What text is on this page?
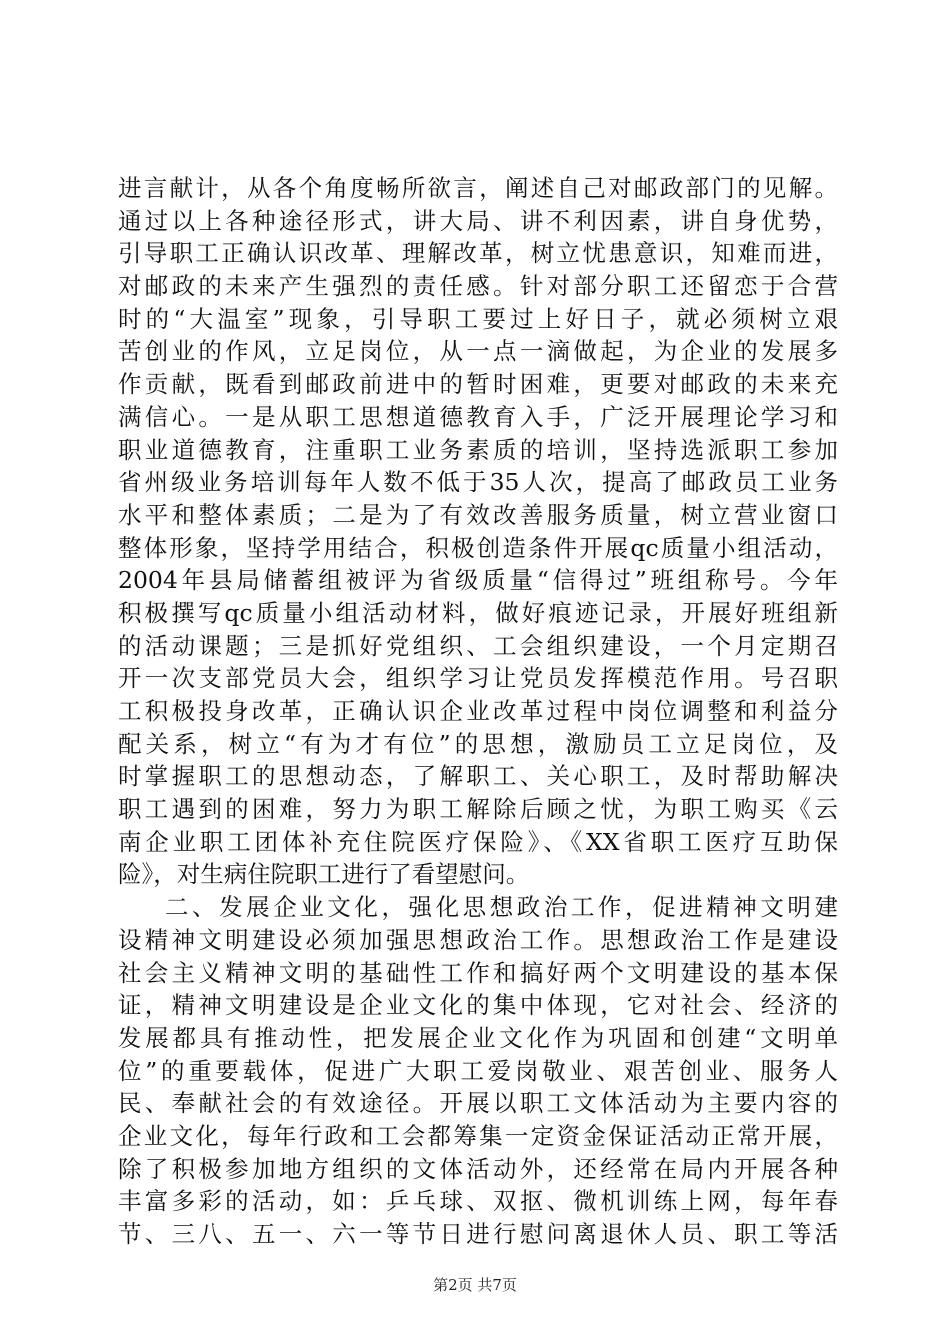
进言献计，从各个角度畅所欲言，阐述自己对邮政部门的见解。
通过以上各种途径形式，讲大局、讲不利因素，讲自身优势，
引导职工正确认识改革、理解改革，树立忧患意识，知难而进，
对邮政的未来产生强烈的责任感。针对部分职工还留恋于合营
时的“大温室”现象，引导职工要过上好日子，就必须树立艰
苦创业的作风，立足岗位，从一点一滴做起，为企业的发展多
作贡献，既看到邮政前进中的暂时困难，更要对邮政的未来充
满信心。一是从职工思想道德教育入手，广泛开展理论学习和
职业道德教育，注重职工业务素质的培训，坚持选派职工参加
省州级业务培训每年人数不低于35人次，提高了邮政员工业务
水平和整体素质；二是为了有效改善服务质量，树立营业窗口
整体形象，坚持学用结合，积极创造条件开展qc质量小组活动，
2004年县局储蓄组被评为省级质量“信得过”班组称号。今年
积极撰写qc质量小组活动材料，做好痕迹记录，开展好班组新
的活动课题；三是抓好党组织、工会组织建设，一个月定期召
开一次支部党员大会，组织学习让党员发挥模范作用。号召职
工积极投身改革，正确认识企业改革过程中岗位调整和利益分
配关系，树立“有为才有位”的思想，激励员工立足岗位，及
时掌握职工的思想动态，了解职工、关心职工，及时帮助解决
职工遇到的困难，努力为职工解除后顾之忧，为职工购买《云
南企业职工团体补充住院医疗保险》、《XX省职工医疗互助保
险》，对生病住院职工进行了看望慰问。
二、发展企业文化，强化思想政治工作，促进精神文明建
设精神文明建设必须加强思想政治工作。思想政治工作是建设
社会主义精神文明的基础性工作和搞好两个文明建设的基本保
证，精神文明建设是企业文化的集中体现，它对社会、经济的
发展都具有推动性，把发展企业文化作为巩固和创建“文明单
位”的重要载体，促进广大职工爱岗敬业、艰苦创业、服务人
民、奉献社会的有效途径。开展以职工文体活动为主要内容的
企业文化，每年行政和工会都筹集一定资金保证活动正常开展，
除了积极参加地方组织的文体活动外，还经常在局内开展各种
丰富多彩的活动，如：乒乓球、双抠、微机训练上网，每年春
节、三八、五一、六一等节日进行慰问离退休人员、职工等活
第2页 共7页
